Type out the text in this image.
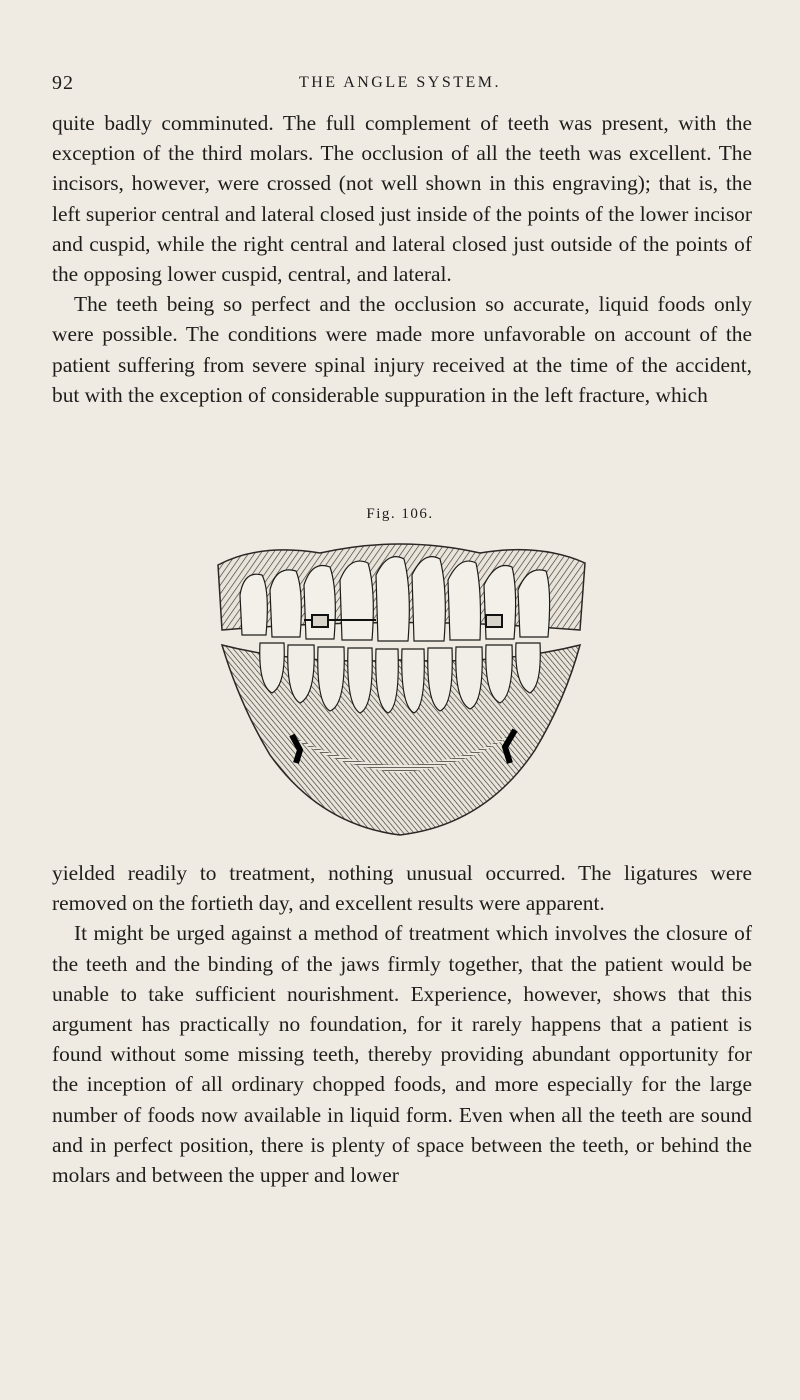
92	THE ANGLE SYSTEM.

quite badly comminuted. The full complement of teeth was present, with the exception of the third molars. The occlusion of all the teeth was excellent. The incisors, however, were crossed (not well shown in this engraving); that is, the left superior central and lateral closed just inside of the points of the lower incisor and cuspid, while the right central and lateral closed just outside of the points of the opposing lower cuspid, central, and lateral.

The teeth being so perfect and the occlusion so accurate, liquid foods only were possible. The conditions were made more unfavorable on account of the patient suffering from severe spinal injury received at the time of the accident, but with the exception of considerable suppuration in the left fracture, which

Fig. 106.

yielded readily to treatment, nothing unusual occurred. The ligatures were removed on the fortieth day, and excellent results were apparent.

It might be urged against a method of treatment which involves the closure of the teeth and the binding of the jaws firmly together, that the patient would be unable to take sufficient nourishment. Experience, however, shows that this argument has practically no foundation, for it rarely happens that a patient is found without some missing teeth, thereby providing abundant opportunity for the inception of all ordinary chopped foods, and more especially for the large number of foods now available in liquid form. Even when all the teeth are sound and in perfect position, there is plenty of space between the teeth, or behind the molars and between the upper and lower
